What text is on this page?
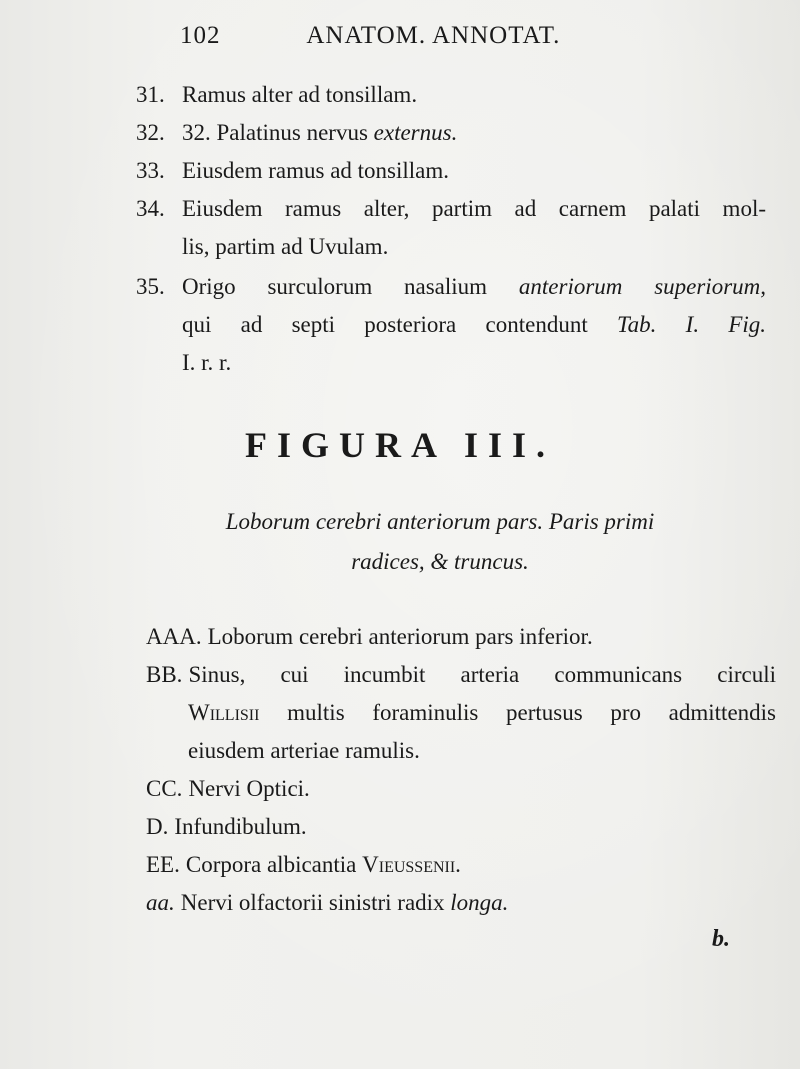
102	ANATOM. ANNOTAT.
31. Ramus alter ad tonsillam.
32. 32. Palatinus nervus externus.
33. Eiusdem ramus ad tonsillam.
34. Eiusdem ramus alter, partim ad carnem palati mol-
lis, partim ad Uvulam.
35. Origo surculorum nasalium anteriorum superiorum,
qui ad septi posteriora contendunt Tab. I. Fig.
I. r. r.
FIGURA III.
Loborum cerebri anteriorum pars. Paris primi
radices, & truncus.
AAA. Loborum cerebri anteriorum pars inferior.
BB. Sinus, cui incumbit arteria communicans circuli
Willisii multis foraminulis pertusus pro admittendis
eiusdem arteriae ramulis.
CC. Nervi Optici.
D. Infundibulum.
EE. Corpora albicantia Vieussenii.
aa. Nervi olfactorii sinistri radix longa.
b.
